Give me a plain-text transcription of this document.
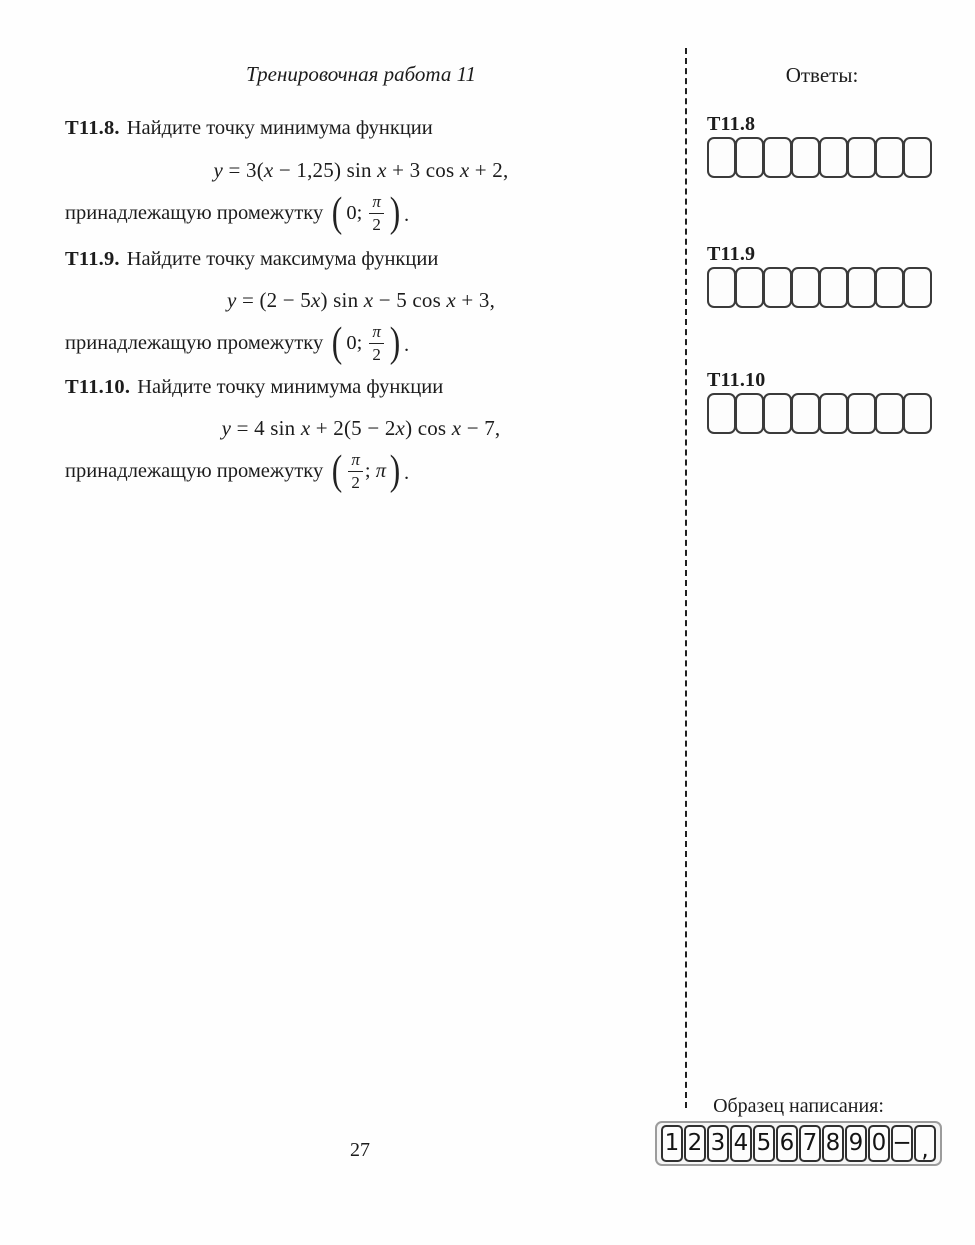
Тренировочная работа 11

Т11.8. Найдите точку минимума функции

y = 3(x − 1,25) sin x + 3 cos x + 2,

принадлежащую промежутку ( 0; $\frac{\pi}{2}$ ) .

Т11.9. Найдите точку максимума функции

y = (2 − 5x) sin x − 5 cos x + 3,

принадлежащую промежутку ( 0; $\frac{\pi}{2}$ ) .

Т11.10. Найдите точку минимума функции

y = 4 sin x + 2(5 − 2x) cos x − 7,

принадлежащую промежутку ( $\frac{\pi}{2}$ ; π ) .

Ответы:

Т11.8
Т11.9
Т11.10
Образец написания:
1 2 3 4 5 6 7 8 9 0 − ,

27
